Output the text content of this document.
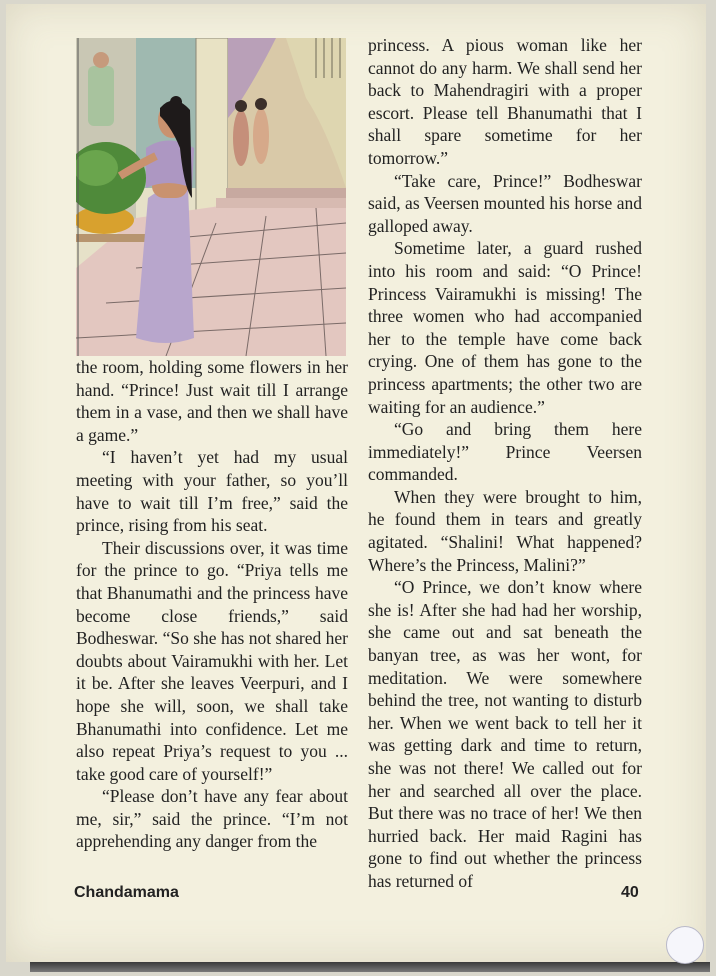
the room, holding some flowers in her hand. “Prince! Just wait till I arrange them in a vase, and then we shall have a game.”

“I haven’t yet had my usual meeting with your father, so you’ll have to wait till I’m free,” said the prince, rising from his seat.

Their discussions over, it was time for the prince to go. “Priya tells me that Bhanumathi and the princess have become close friends,” said Bodheswar. “So she has not shared her doubts about Vairamukhi with her. Let it be. After she leaves Veerpuri, and I hope she will, soon, we shall take Bhanumathi into confidence. Let me also repeat Priya’s request to you ... take good care of yourself!”

“Please don’t have any fear about me, sir,” said the prince. “I’m not apprehending any danger from the

princess. A pious woman like her cannot do any harm. We shall send her back to Mahendragiri with a proper escort. Please tell Bhanumathi that I shall spare sometime for her tomorrow.”

“Take care, Prince!” Bodheswar said, as Veersen mounted his horse and galloped away.

Sometime later, a guard rushed into his room and said: “O Prince! Princess Vairamukhi is missing! The three women who had accompanied her to the temple have come back crying. One of them has gone to the princess apartments; the other two are waiting for an audience.”

“Go and bring them here immediately!” Prince Veersen commanded.

When they were brought to him, he found them in tears and greatly agitated. “Shalini! What happened? Where’s the Princess, Malini?”

“O Prince, we don’t know where she is! After she had had her worship, she came out and sat beneath the banyan tree, as was her wont, for meditation. We were somewhere behind the tree, not wanting to disturb her. When we went back to tell her it was getting dark and time to return, she was not there! We called out for her and searched all over the place. But there was no trace of her! We then hurried back. Her maid Ragini has gone to find out whether the princess has returned of

Chandamama	40
